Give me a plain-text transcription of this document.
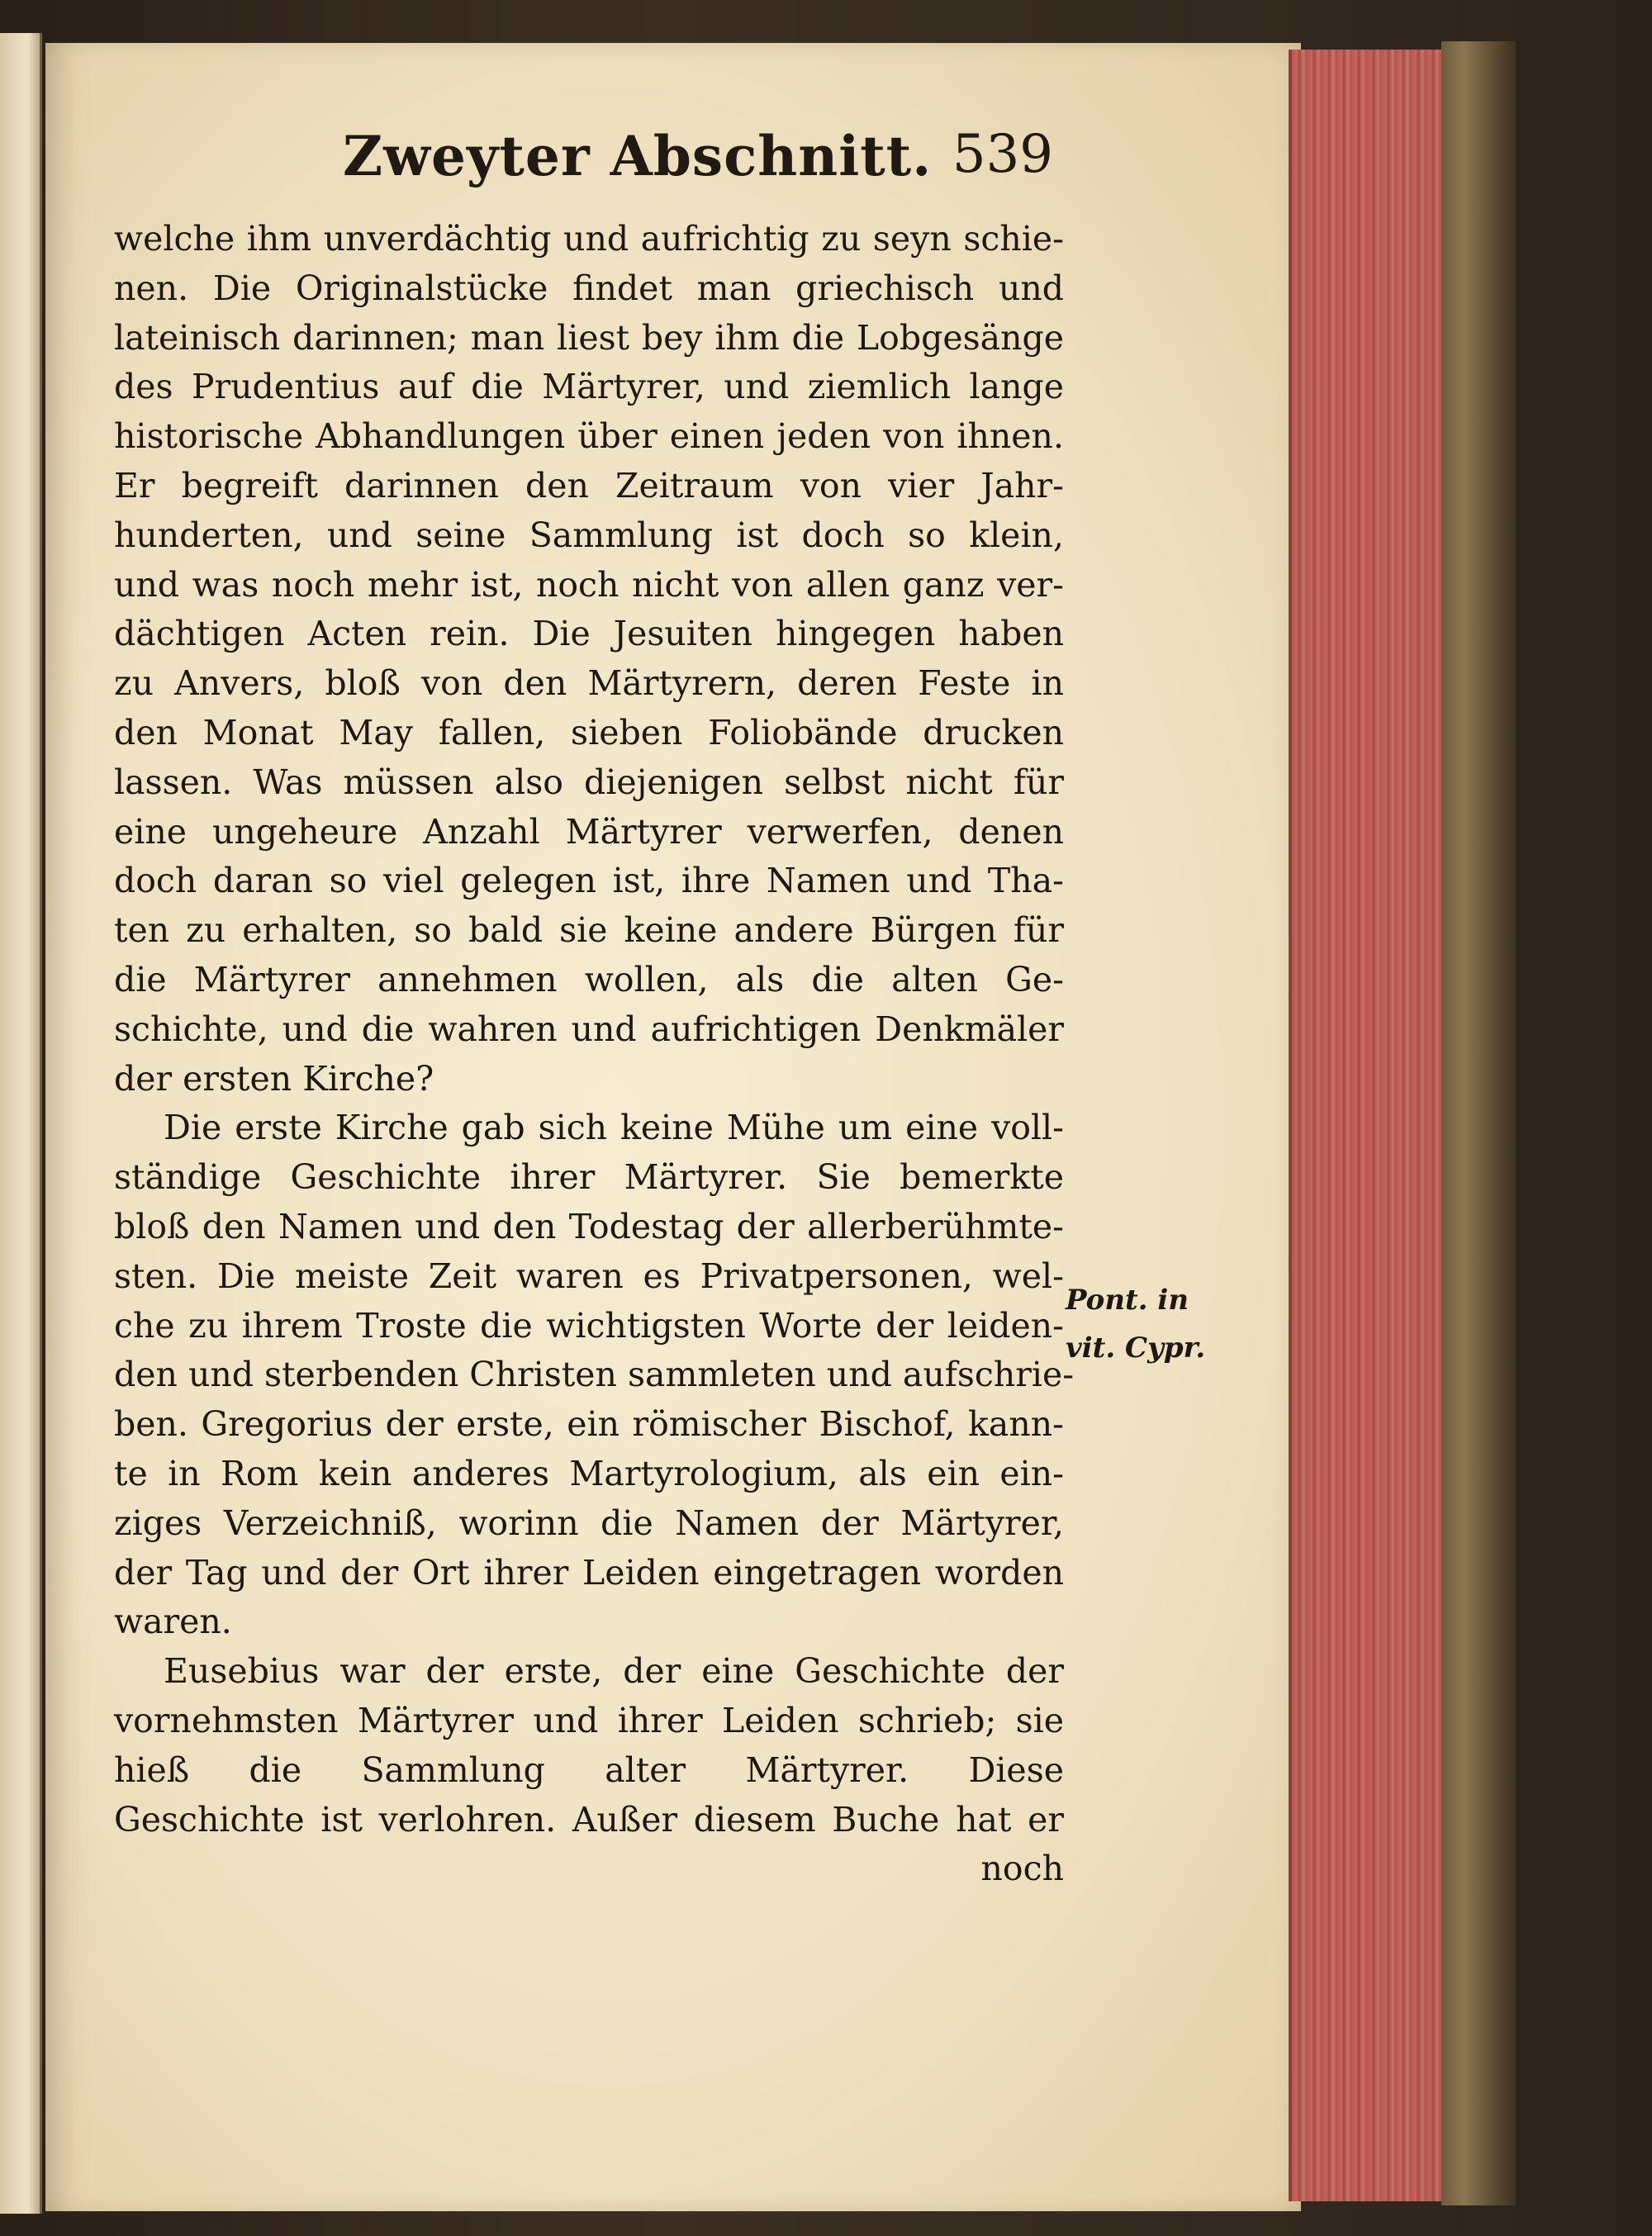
Zweyter Abschnitt. 539
welche ihm unverdächtig und aufrichtig zu seyn schie-
nen. Die Originalstücke findet man griechisch und
lateinisch darinnen; man liest bey ihm die Lobgesänge
des Prudentius auf die Märtyrer, und ziemlich lange
historische Abhandlungen über einen jeden von ihnen.
Er begreift darinnen den Zeitraum von vier Jahr-
hunderten, und seine Sammlung ist doch so klein,
und was noch mehr ist, noch nicht von allen ganz ver-
dächtigen Acten rein. Die Jesuiten hingegen haben
zu Anvers, bloß von den Märtyrern, deren Feste in
den Monat May fallen, sieben Foliobände drucken
lassen. Was müssen also diejenigen selbst nicht für
eine ungeheure Anzahl Märtyrer verwerfen, denen
doch daran so viel gelegen ist, ihre Namen und Tha-
ten zu erhalten, so bald sie keine andere Bürgen für
die Märtyrer annehmen wollen, als die alten Ge-
schichte, und die wahren und aufrichtigen Denkmäler
der ersten Kirche?
Die erste Kirche gab sich keine Mühe um eine voll-
ständige Geschichte ihrer Märtyrer. Sie bemerkte
bloß den Namen und den Todestag der allerberühmte-
sten. Die meiste Zeit waren es Privatpersonen, wel-
che zu ihrem Troste die wichtigsten Worte der leiden-
den und sterbenden Christen sammleten und aufschrie-
ben. Gregorius der erste, ein römischer Bischof, kann-
te in Rom kein anderes Martyrologium, als ein ein-
ziges Verzeichniß, worinn die Namen der Märtyrer,
der Tag und der Ort ihrer Leiden eingetragen worden
waren.
Eusebius war der erste, der eine Geschichte der
vornehmsten Märtyrer und ihrer Leiden schrieb; sie
hieß die Sammlung alter Märtyrer. Diese
Geschichte ist verlohren. Außer diesem Buche hat er
noch
Pont. in
vit. Cypr.
